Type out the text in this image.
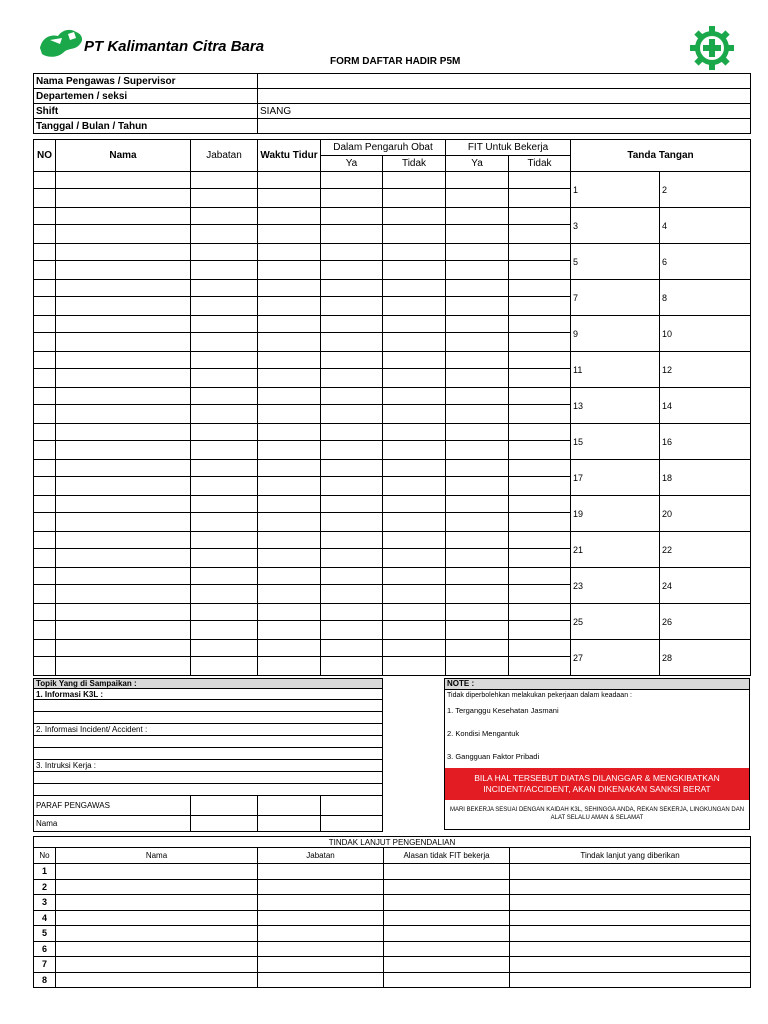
PT Kalimantan Citra Bara
FORM DAFTAR HADIR P5M
Nama Pengawas / Supervisor	
Departemen / seksi	
Shift	SIANG
Tanggal / Bulan / Tahun	
NO	Nama	Jabatan	Waktu Tidur	Dalam Pengaruh Obat		FIT Untuk Bekerja		Tanda Tangan	
				Ya	Tidak	Ya	Tidak		
								1	2

								3	4

								5	6

								7	8

								9	10

								11	12

								13	14

								15	16

								17	18

								19	20

								21	22

								23	24

								25	26

								27	28

Topik Yang di Sampaikan :			
1. Informasi K3L :			

2. Informasi Incident/ Accident :			

3. Intruksi Kerja :			

PARAF PENGAWAS			
Nama			
NOTE :
Tidak diperbolehkan melakukan pekerjaan dalam keadaan :
1. Terganggu Kesehatan Jasmani
2. Kondisi Mengantuk
3. Gangguan Faktor Pribadi
BILA HAL TERSEBUT DIATAS DILANGGAR & MENGKIBATKAN INCIDENT/ACCIDENT, AKAN DIKENAKAN SANKSI BERAT
MARI BEKERJA SESUAI DENGAN KAIDAH K3L, SEHINGGA ANDA, REKAN SEKERJA, LINGKUNGAN DAN ALAT SELALU AMAN & SELAMAT
TINDAK LANJUT PENGENDALIAN				
No	Nama	Jabatan	Alasan tidak FIT bekerja	Tindak lanjut yang diberikan
1				
2				
3				
4				
5				
6				
7				
8				
